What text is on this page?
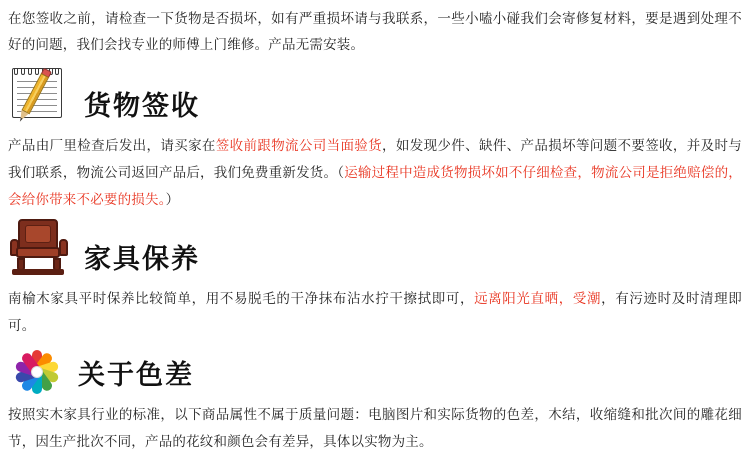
在您签收之前，请检查一下货物是否损坏，如有严重损坏请与我联系，一些小嗑小碰我们会寄修复材料，要是遇到处理不好的问题，我们会找专业的师傅上门维修。产品无需安装。

货物签收

产品由厂里检查后发出，请买家在签收前跟物流公司当面验货，如发现少件、缺件、产品损坏等问题不要签收，并及时与我们联系，物流公司返回产品后，我们免费重新发货。（运输过程中造成货物损坏如不仔细检查，物流公司是拒绝赔偿的，会给你带来不必要的损失。）

家具保养

南榆木家具平时保养比较简单，用不易脱毛的干净抹布沾水拧干擦拭即可，远离阳光直晒，受潮，有污迹时及时清理即可。

关于色差

按照实木家具行业的标准，以下商品属性不属于质量问题：电脑图片和实际货物的色差，木结，收缩缝和批次间的雕花细节，因生产批次不同，产品的花纹和颜色会有差异，具体以实物为主。
